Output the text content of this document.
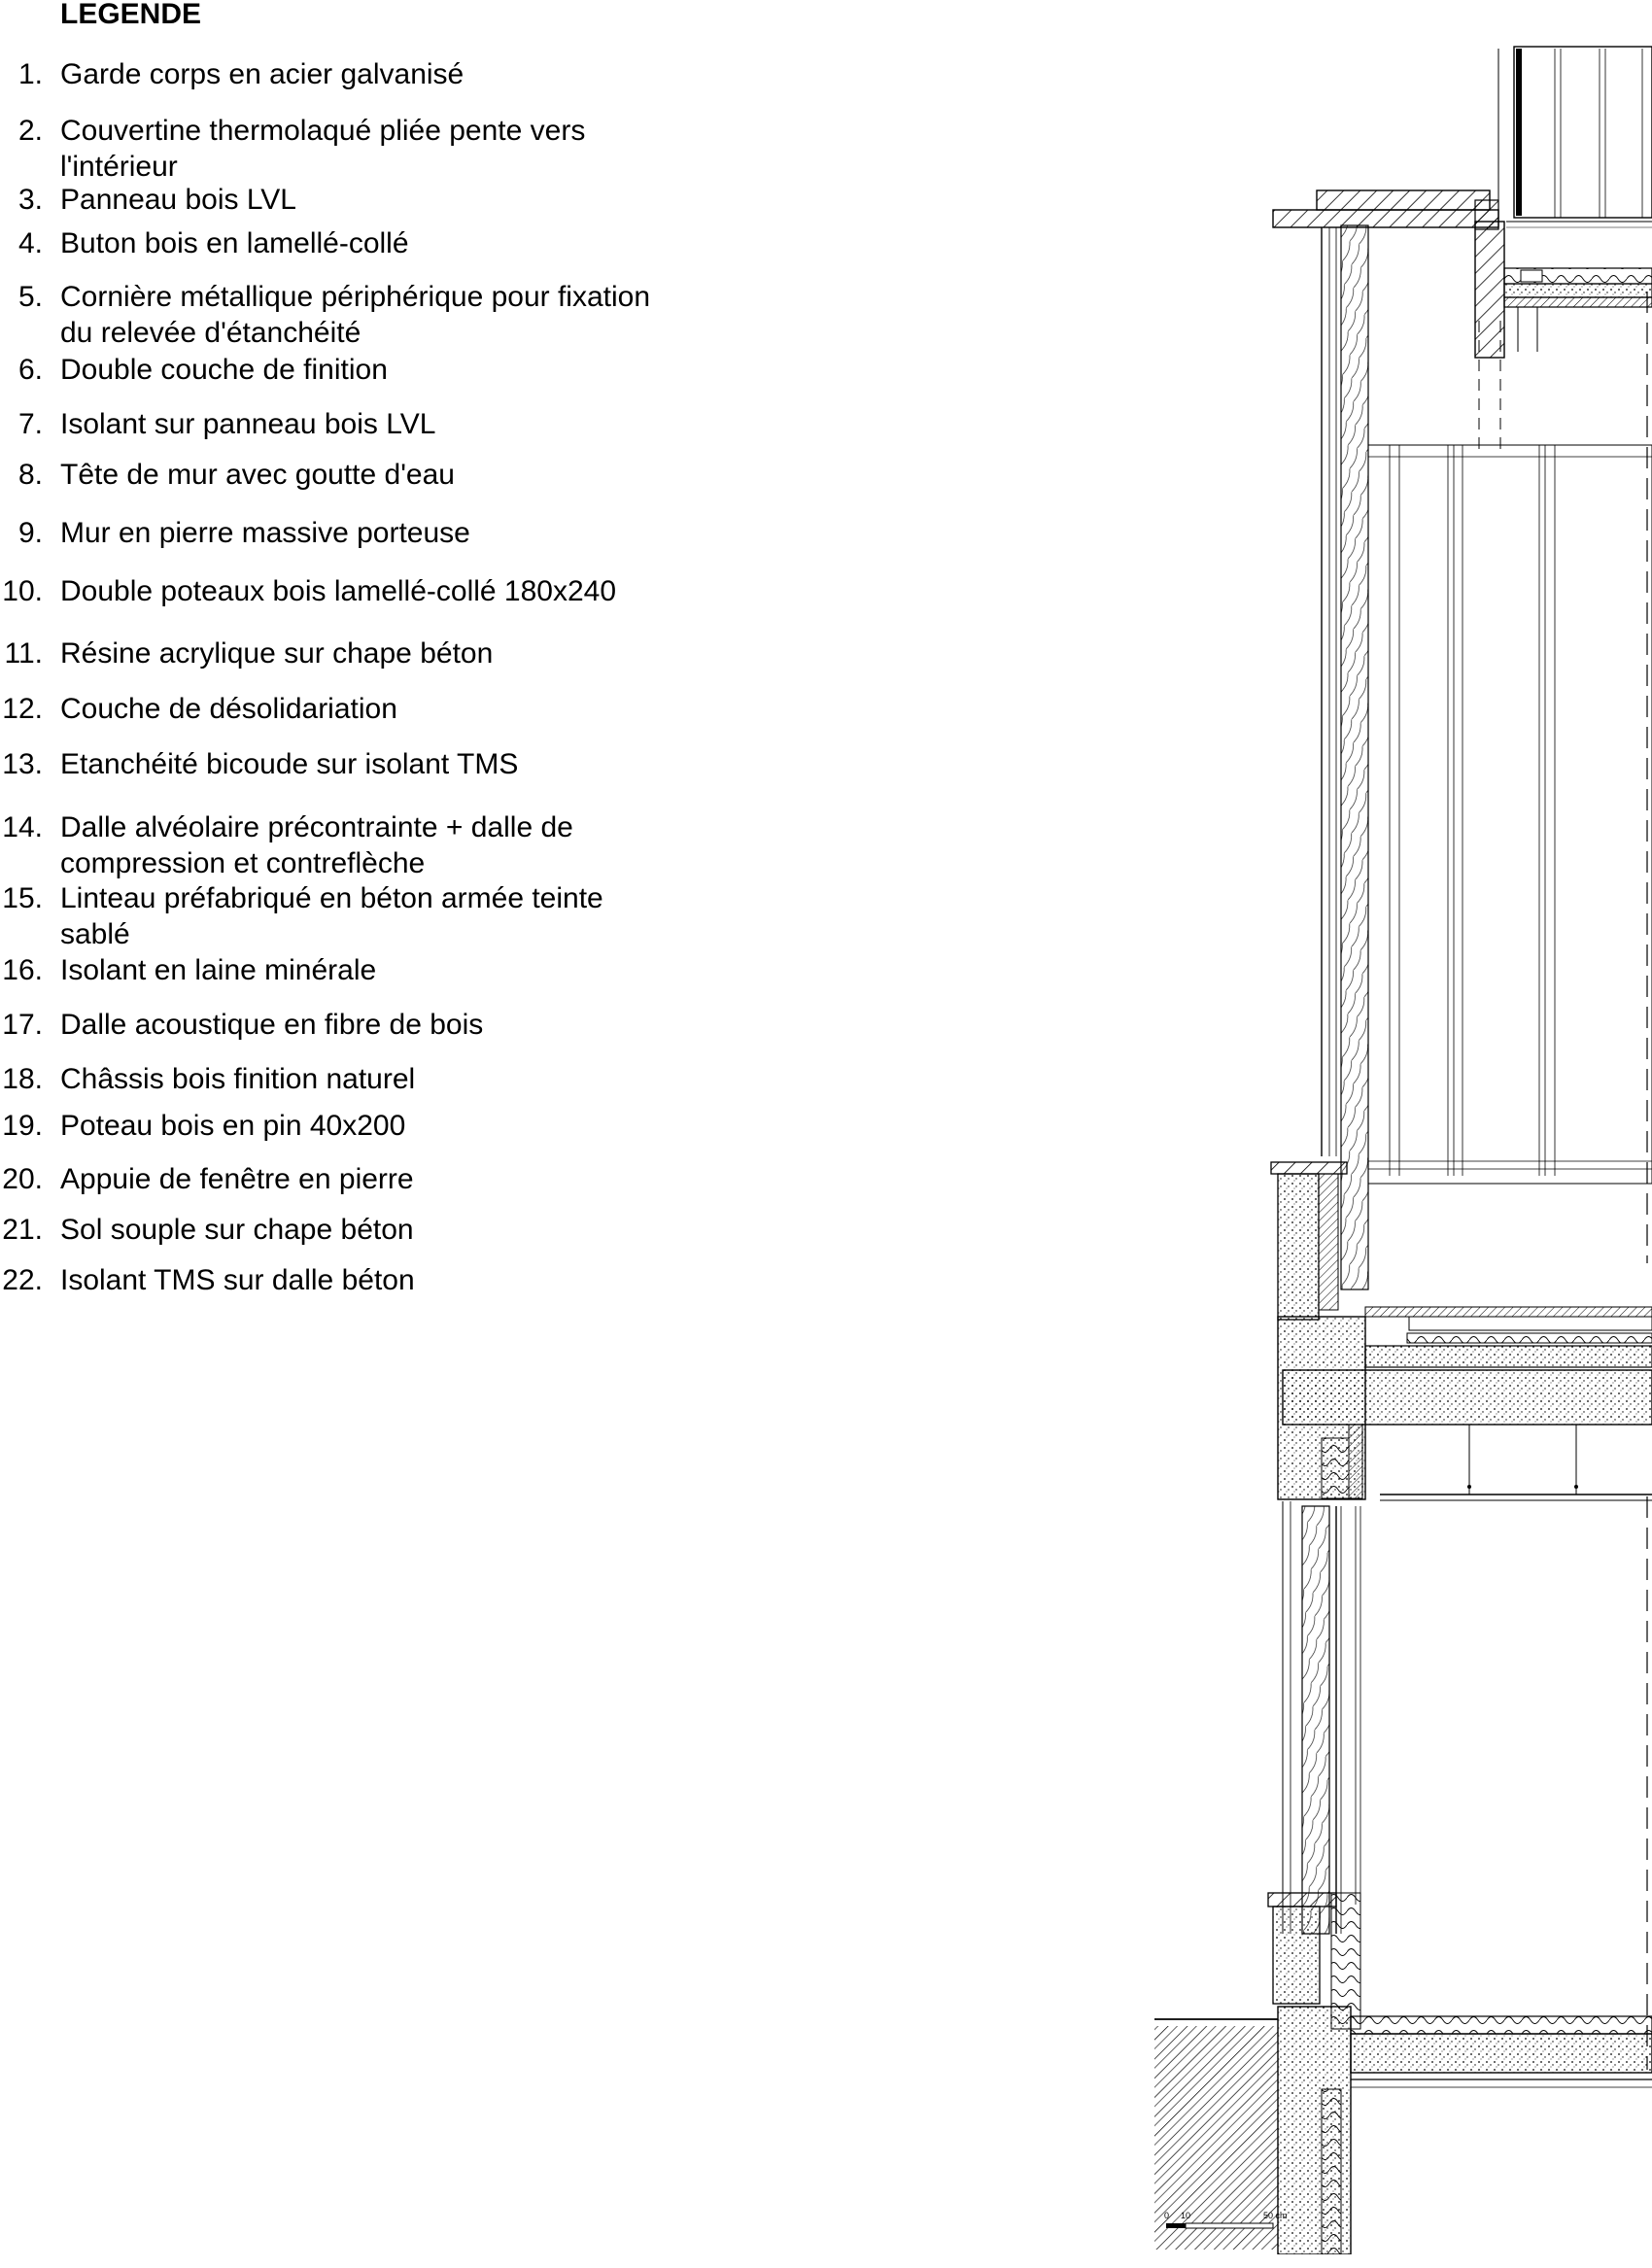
LEGENDE
1. Garde corps en acier galvanisé
2. Couvertine thermolaqué pliée pente vers l'intérieur
3. Panneau bois LVL
4. Buton bois en lamellé-collé
5. Cornière métallique périphérique pour fixation du relevée d'étanchéité
6. Double couche de finition
7. Isolant sur panneau bois LVL
8. Tête de mur avec goutte d'eau
9. Mur en pierre massive porteuse
10. Double poteaux bois lamellé-collé 180x240
11. Résine acrylique sur chape béton
12. Couche de désolidariation
13. Etanchéité bicoude sur isolant TMS
14. Dalle alvéolaire précontrainte + dalle de compression et contreflèche
15. Linteau préfabriqué en béton armée teinte sablé
16. Isolant en laine minérale
17. Dalle acoustique en fibre de bois
18. Châssis bois finition naturel
19. Poteau bois en pin 40x200
20. Appuie de fenêtre en pierre
21. Sol souple sur chape béton
22. Isolant TMS sur dalle béton
0 10	50 cm
